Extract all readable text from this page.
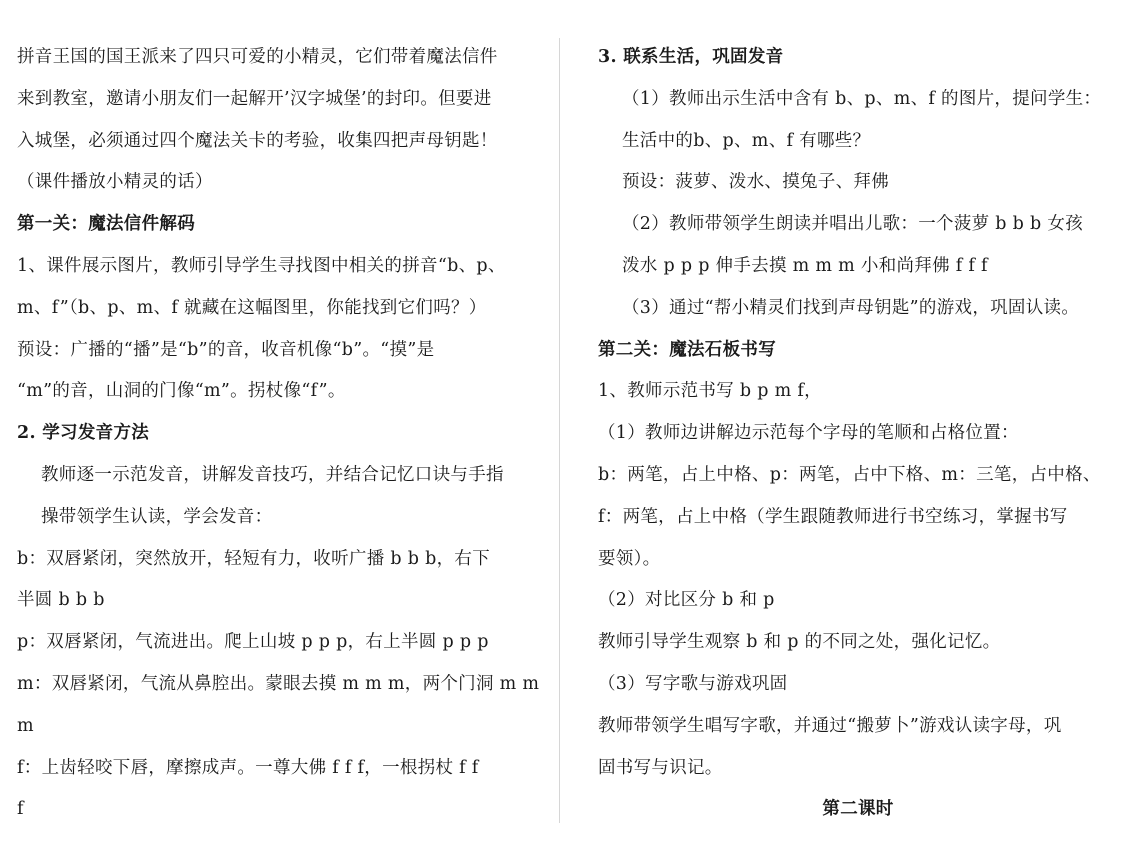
拼音王国的国王派来了四只可爱的小精灵，它们带着魔法信件
来到教室，邀请小朋友们一起解开’汉字城堡’的封印。但要进
入城堡，必须通过四个魔法关卡的考验，收集四把声母钥匙！
（课件播放小精灵的话）
第一关：魔法信件解码
1、课件展示图片，教师引导学生寻找图中相关的拼音“b、p、
m、f”（b、p、m、f 就藏在这幅图里，你能找到它们吗？）
预设：广播的“播”是“b”的音，收音机像“b”。“摸”是
“m”的音，山洞的门像“m”。拐杖像“f”。
2. 学习发音方法
教师逐一示范发音，讲解发音技巧，并结合记忆口诀与手指
操带领学生认读，学会发音：
b：双唇紧闭，突然放开，轻短有力，收听广播 b b b，右下
半圆 b b b
p：双唇紧闭，气流进出。爬上山坡 p p p，右上半圆 p p p
m：双唇紧闭，气流从鼻腔出。蒙眼去摸 m m m，两个门洞 m m
m
f：上齿轻咬下唇，摩擦成声。一尊大佛 f f f，一根拐杖 f f
f
3. 联系生活，巩固发音
（1）教师出示生活中含有 b、p、m、f 的图片，提问学生：
生活中的b、p、m、f 有哪些？
预设：菠萝、泼水、摸兔子、拜佛
（2）教师带领学生朗读并唱出儿歌：一个菠萝 b b b 女孩
泼水 p p p 伸手去摸 m m m 小和尚拜佛 f f f
（3）通过“帮小精灵们找到声母钥匙”的游戏，巩固认读。
第二关：魔法石板书写
1、教师示范书写 b p m f，
（1）教师边讲解边示范每个字母的笔顺和占格位置：
b：两笔，占上中格、p：两笔，占中下格、m：三笔，占中格、
f：两笔，占上中格（学生跟随教师进行书空练习，掌握书写
要领）。
（2）对比区分 b 和 p
教师引导学生观察 b 和 p 的不同之处，强化记忆。
（3）写字歌与游戏巩固
教师带领学生唱写字歌，并通过“搬萝卜”游戏认读字母，巩
固书写与识记。
第二课时
